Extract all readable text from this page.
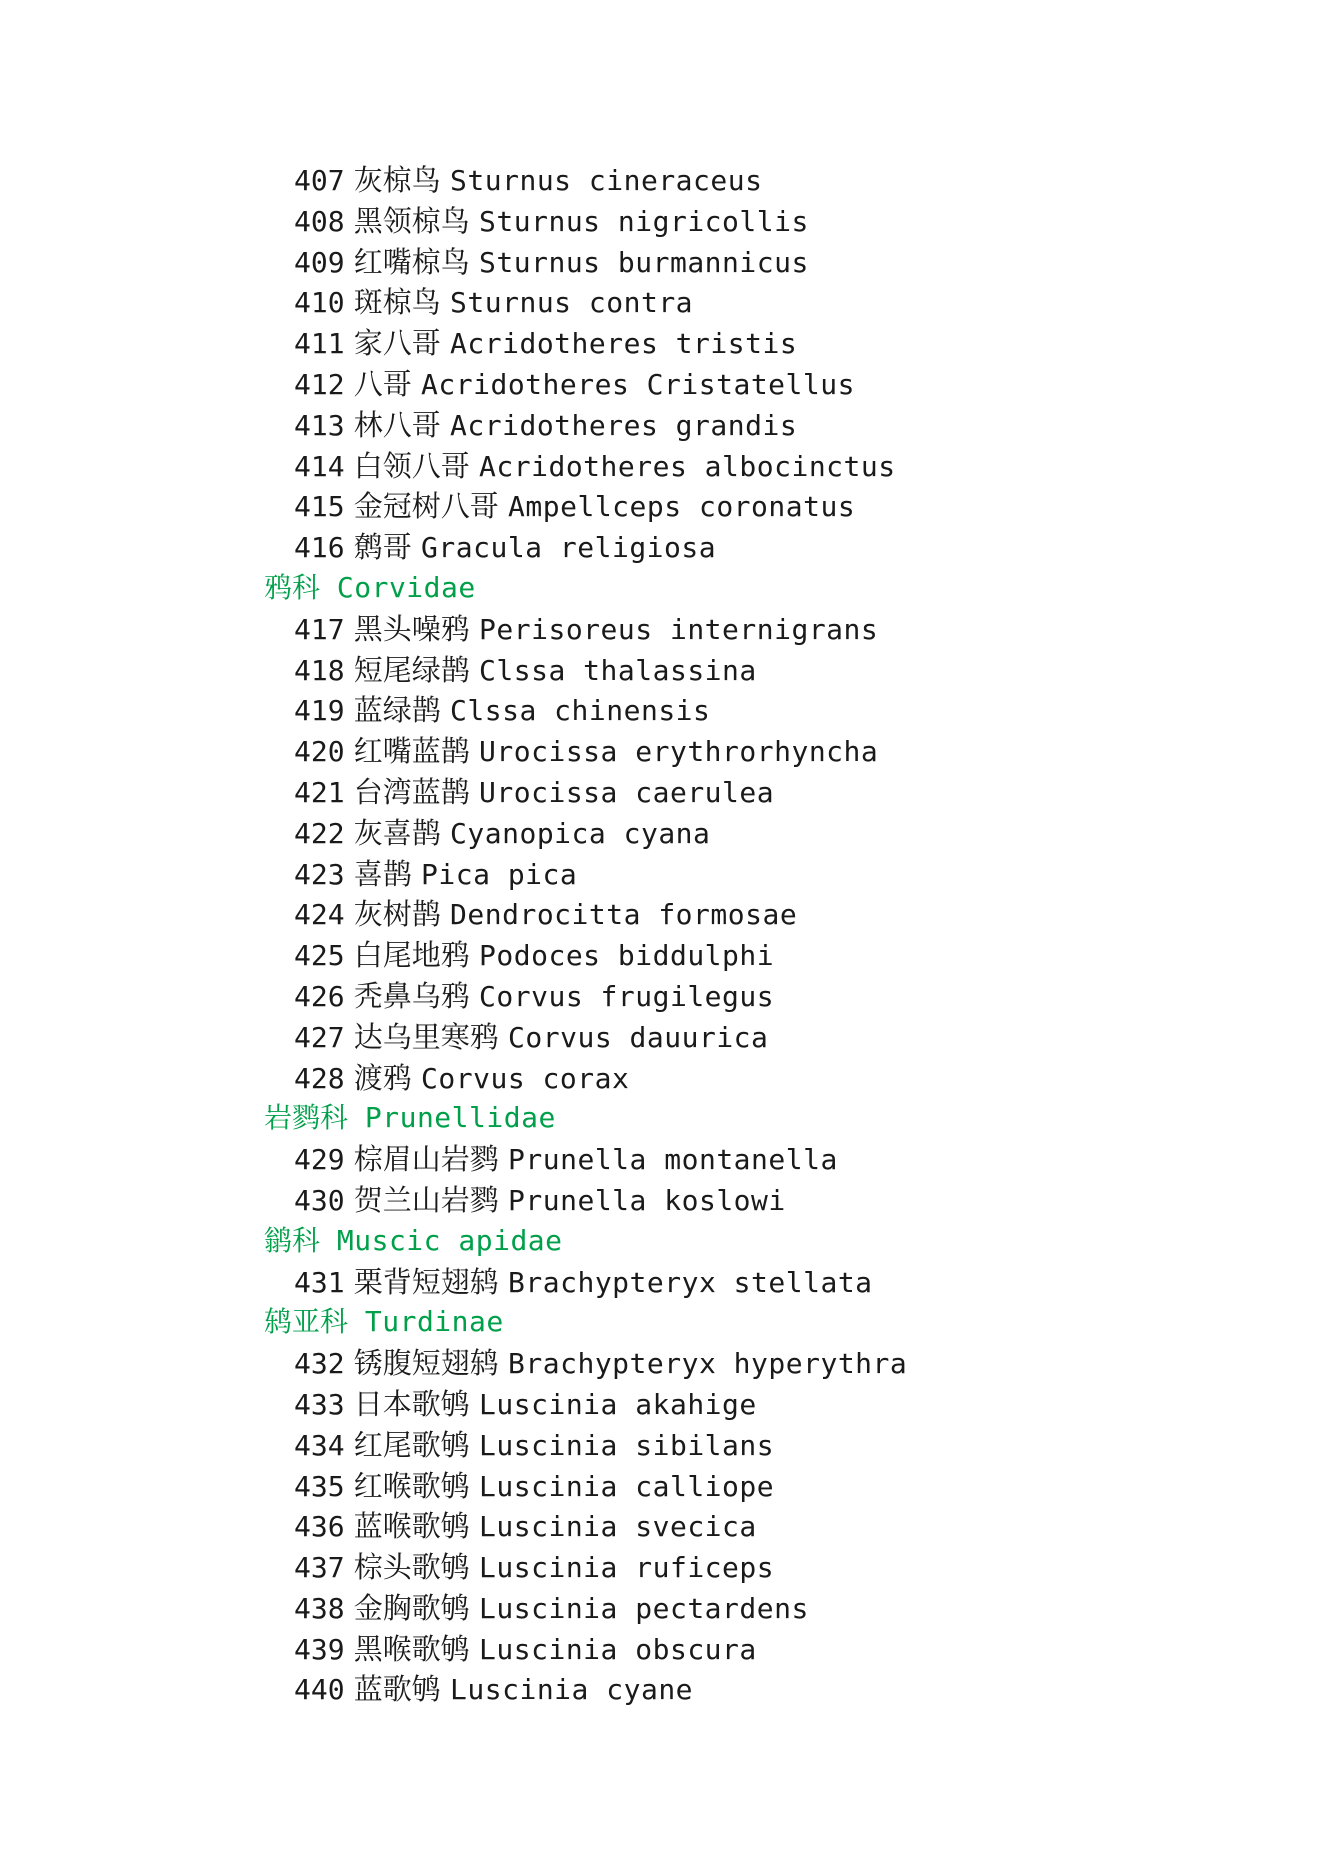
407 灰椋鸟 Sturnus cineraceus
408 黑领椋鸟 Sturnus nigricollis
409 红嘴椋鸟 Sturnus burmannicus
410 斑椋鸟 Sturnus contra
411 家八哥 Acridotheres tristis
412 八哥 Acridotheres Cristatellus
413 林八哥 Acridotheres grandis
414 白领八哥 Acridotheres albocinctus
415 金冠树八哥 Ampellceps coronatus
416 鹩哥 Gracula religiosa
鸦科 Corvidae
417 黑头噪鸦 Perisoreus internigrans
418 短尾绿鹊 Clssa thalassina
419 蓝绿鹊 Clssa chinensis
420 红嘴蓝鹊 Urocissa erythrorhyncha
421 台湾蓝鹊 Urocissa caerulea
422 灰喜鹊 Cyanopica cyana
423 喜鹊 Pica pica
424 灰树鹊 Dendrocitta formosae
425 白尾地鸦 Podoces biddulphi
426 秃鼻乌鸦 Corvus frugilegus
427 达乌里寒鸦 Corvus dauurica
428 渡鸦 Corvus corax
岩鹨科 Prunellidae
429 棕眉山岩鹨 Prunella montanella
430 贺兰山岩鹨 Prunella koslowi
鹟科 Muscic apidae
431 栗背短翅鸫 Brachypteryx stellata
鸫亚科 Turdinae
432 锈腹短翅鸫 Brachypteryx hyperythra
433 日本歌鸲 Luscinia akahige
434 红尾歌鸲 Luscinia sibilans
435 红喉歌鸲 Luscinia calliope
436 蓝喉歌鸲 Luscinia svecica
437 棕头歌鸲 Luscinia ruficeps
438 金胸歌鸲 Luscinia pectardens
439 黑喉歌鸲 Luscinia obscura
440 蓝歌鸲 Luscinia cyane
